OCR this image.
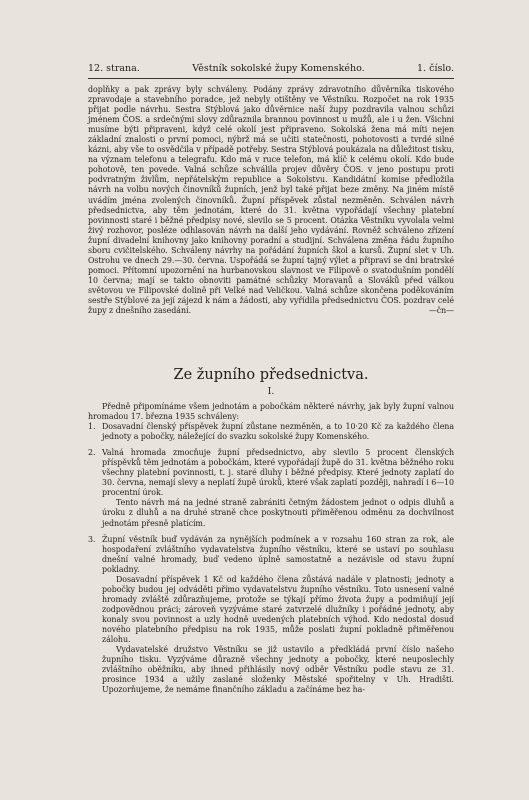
12. strana.	Věstník sokolské župy Komenského.	1. číslo.
doplňky a pak zprávy byly schváleny. Podány zprávy zdravotního důvěrníka tiskového zpravodaje a stavebního poradce, jež nebyly otištěny ve Věstníku. Rozpočet na rok 1935 přijat podle návrhu. Sestra Stýblová jako důvěrnice naší župy pozdravila valnou schůzi jménem ČOS. a srdečnými slovy zdůraznila brannou povinnost u mužů, ale i u žen. Všichni musíme býti připraveni, když celé okolí jest připraveno. Sokolská žena má míti nejen základní znalosti o první pomoci, nýbrž má se učiti statečnosti, pohotovosti a tvrdé silné kázni, aby vše to osvědčila v případě potřeby. Sestra Stýblová poukázala na důležitost tisku, na význam telefonu a telegrafu. Kdo má v ruce telefon, má klíč k celému okolí. Kdo bude pohotově, ten povede. Valná schůze schválila projev důvěry ČOS. v jeno postupu proti podvratným živlům, nepřátelským republice a Sokolstvu. Kandidátní komise předložila návrh na volbu nových činovníků župních, jenž byl také přijat beze změny. Na jiném místě uvádím jména zvolených činovníků. Župní příspěvek zůstal nezměněn. Schválen návrh předsednictva, aby těm jednotám, které do 31. května vypořádají všechny platební povinnosti staré i běžné předpisy nové, slevilo se 5 procent. Otázka Věstníku vyvolala velmi živý rozhovor, posléze odhlasován návrh na další jeho vydávání. Rovněž schváleno zřízení župní divadelní knihovny jako knihovny poradní a studijní. Schválena změna řádu župního sboru cvičitelského. Schváleny návrhy na pořádání župních škol a kursů. Župní slet v Uh. Ostrohu ve dnech 29.—30. června. Uspořádá se župní tajný výlet a připraví se dni bratrské pomoci. Přítomní upozornění na hurbanovskou slavnost ve Filipově o svatodušním pondělí 10 června; mají se takto obnoviti památné schůzky Moravanů a Slováků před válkou světovou ve Filipovské dolině při Velké nad Veličkou. Valná schůze skončena poděkováním sestře Stýblové za její zájezd k nám a žádosti, aby vyřídila předsednictvu ČOS. pozdrav celé župy z dnešního zasedání.	—čn—
Ze župního předsednictva.
I.

Předně připomínáme všem jednotám a pobočkám některé návrhy, jak byly župní valnou hromadou 17. března 1935 schváleny:

1. Dosavadní členský příspěvek župní zůstane nezměněn, a to 10·20 Kč za každého člena jednoty a pobočky, náležející do svazku sokolské župy Komenského.
2. Valná hromada zmocňuje župní předsednictvo, aby slevilo 5 procent členských příspěvků těm jednotám a pobočkám, které vypořádají župě do 31. května běžného roku všechny platební povinnosti, t. j. staré dluhy i běžné předpisy. Které jednoty zaplatí do 30. června, nemají slevy a neplatí župě úroků, které však zaplatí později, nahradí i 6—10 procentní úrok.

Tento návrh má na jedné straně zabrániti četným žádostem jednot o odpis dluhů a úroku z dluhů a na druhé straně chce poskytnouti přiměřenou odměnu za dochvilnost jednotám přesně platícím.

3. Župní věstník buď vydáván za nynějších podmínek a v rozsahu 160 stran za rok, ale hospodaření zvláštního vydavatelstva župního věstníku, které se ustaví po souhlasu dnešní valné hromady, buď vedeno úplně samostatně a nezávisle od stavu župní pokladny.

Dosavadní příspěvek 1 Kč od každého člena zůstává nadále v platnosti; jednoty a pobočky budou jej odváděti přímo vydavatelstvu župního věstníku. Toto usnesení valné hromady zvláště zdůrazňujeme, protože se týkají přímo života župy a podmiňují její zodpovědnou práci; zároveň vyzýváme staré zatvrzelé dlužníky i pořádné jednoty, aby konaly svou povinnost a uzly hodně uvedených platebních výhod. Kdo nedostal dosud nového platebního předpisu na rok 1935, může poslati župní pokladně přiměřenou zálohu.

Vydavatelské družstvo Věstníku se již ustavilo a předkládá první číslo našeho župního tisku. Vyzýváme důrazně všechny jednoty a pobočky, které neuposlechly zvláštního oběžníku, aby ihned přihlásily nový odběr Věstníku podle stavu ze 31. prosince 1934 a užily zaslané složenky Městské spořitelny v Uh. Hradišti. Upozorňujeme, že nemáme finančního základu a začínáme bez ha-
